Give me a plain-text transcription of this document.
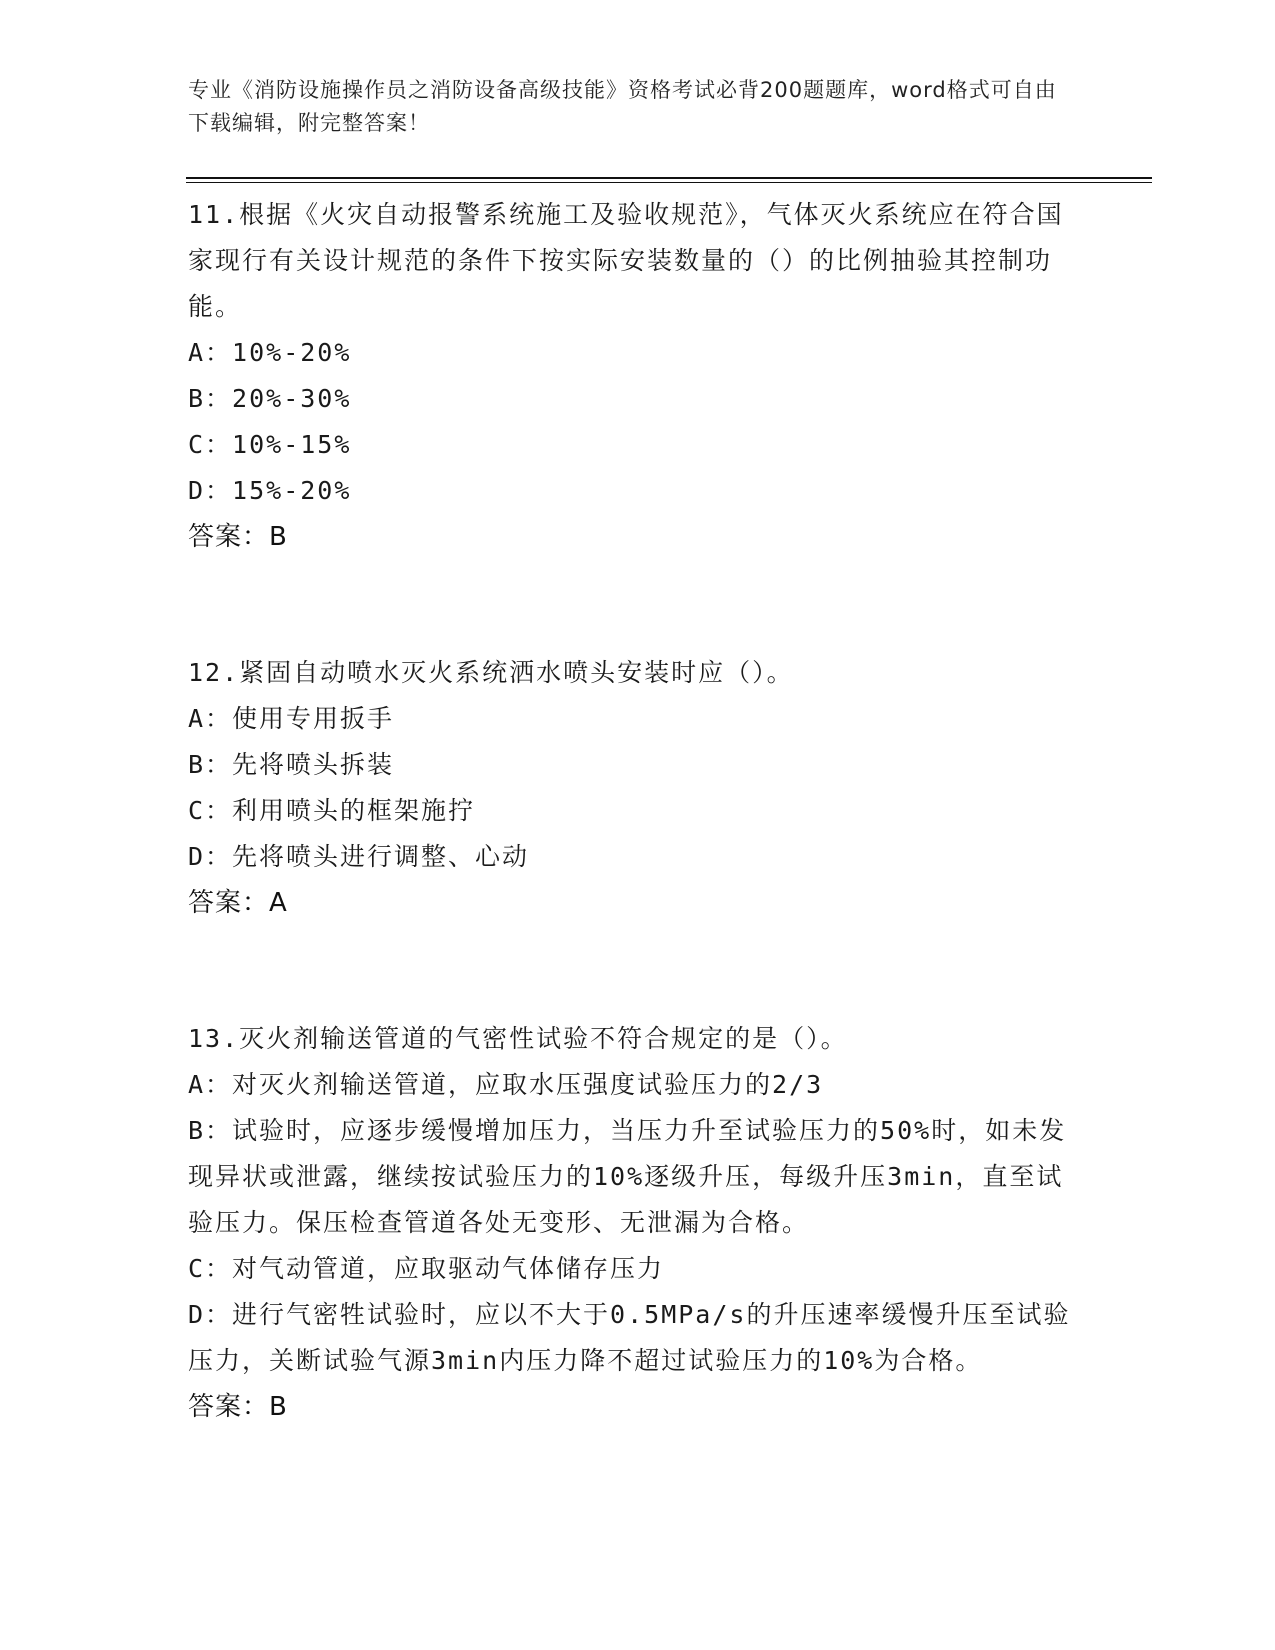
专业《消防设施操作员之消防设备高级技能》资格考试必背200题题库，word格式可自由下载编辑，附完整答案！

11.根据《火灾自动报警系统施工及验收规范》，气体灭火系统应在符合国家现行有关设计规范的条件下按实际安装数量的（）的比例抽验其控制功能。

A：10%-20%

B：20%-30%

C：10%-15%

D：15%-20%

答案：B

12.紧固自动喷水灭火系统洒水喷头安装时应（）。

A：使用专用扳手

B：先将喷头拆装

C：利用喷头的框架施拧

D：先将喷头进行调整、心动

答案：A

13.灭火剂输送管道的气密性试验不符合规定的是（）。

A：对灭火剂输送管道，应取水压强度试验压力的2/3

B：试验时，应逐步缓慢增加压力，当压力升至试验压力的50%时，如未发现异状或泄露，继续按试验压力的10%逐级升压，每级升压3min，直至试验压力。保压检查管道各处无变形、无泄漏为合格。

C：对气动管道，应取驱动气体储存压力

D：进行气密牲试验时，应以不大于0.5MPa/s的升压速率缓慢升压至试验压力，关断试验气源3min内压力降不超过试验压力的10%为合格。

答案：B
